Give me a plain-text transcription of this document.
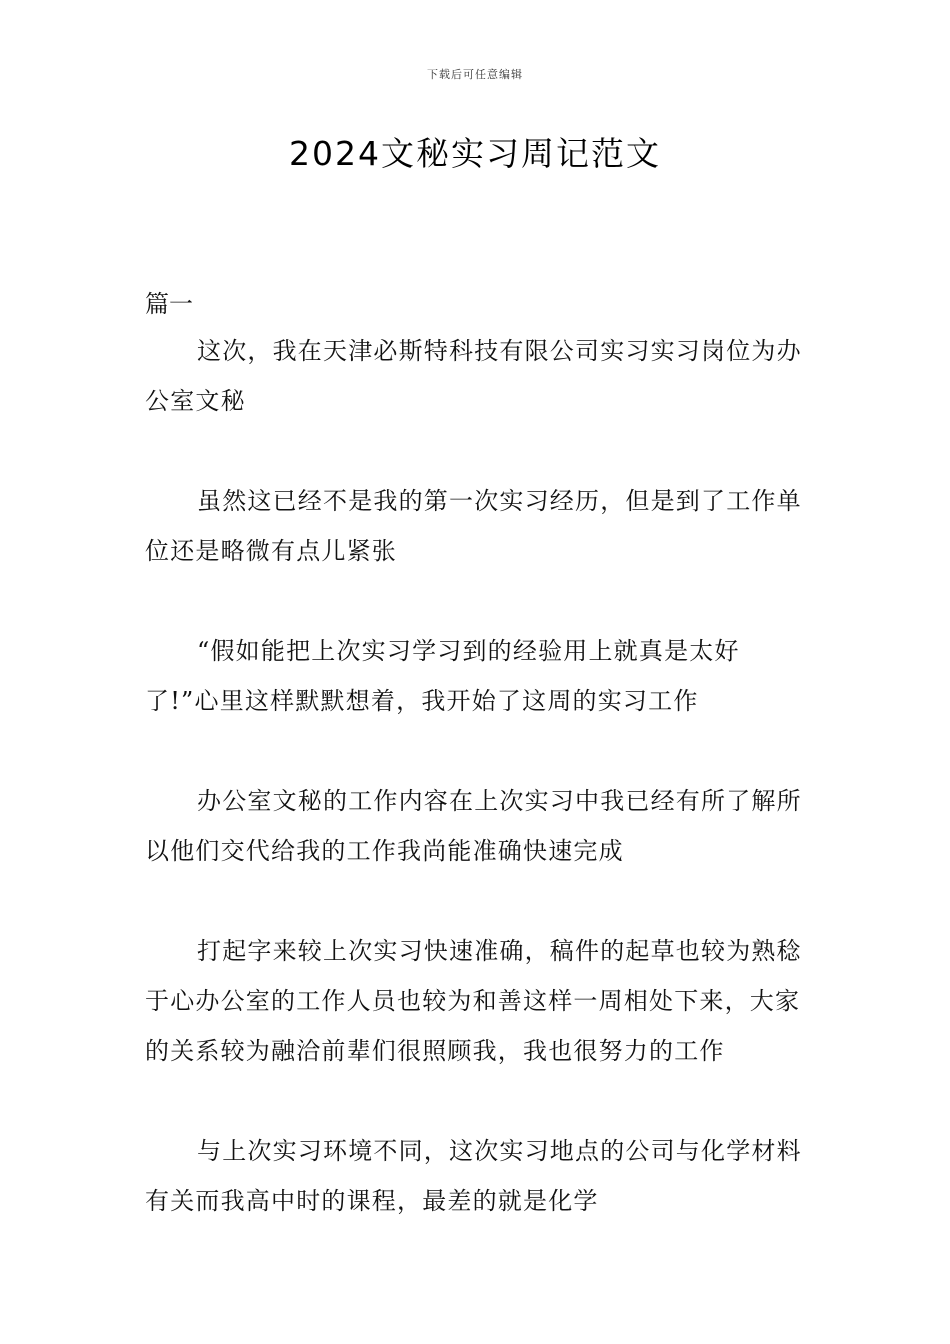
下载后可任意编辑
2024文秘实习周记范文
篇一

这次，我在天津必斯特科技有限公司实习实习岗位为办公室文秘

虽然这已经不是我的第一次实习经历，但是到了工作单位还是略微有点儿紧张

“假如能把上次实习学习到的经验用上就真是太好了!”心里这样默默想着，我开始了这周的实习工作

办公室文秘的工作内容在上次实习中我已经有所了解所以他们交代给我的工作我尚能准确快速完成

打起字来较上次实习快速准确，稿件的起草也较为熟稔于心办公室的工作人员也较为和善这样一周相处下来，大家的关系较为融洽前辈们很照顾我，我也很努力的工作

与上次实习环境不同，这次实习地点的公司与化学材料有关而我高中时的课程，最差的就是化学
